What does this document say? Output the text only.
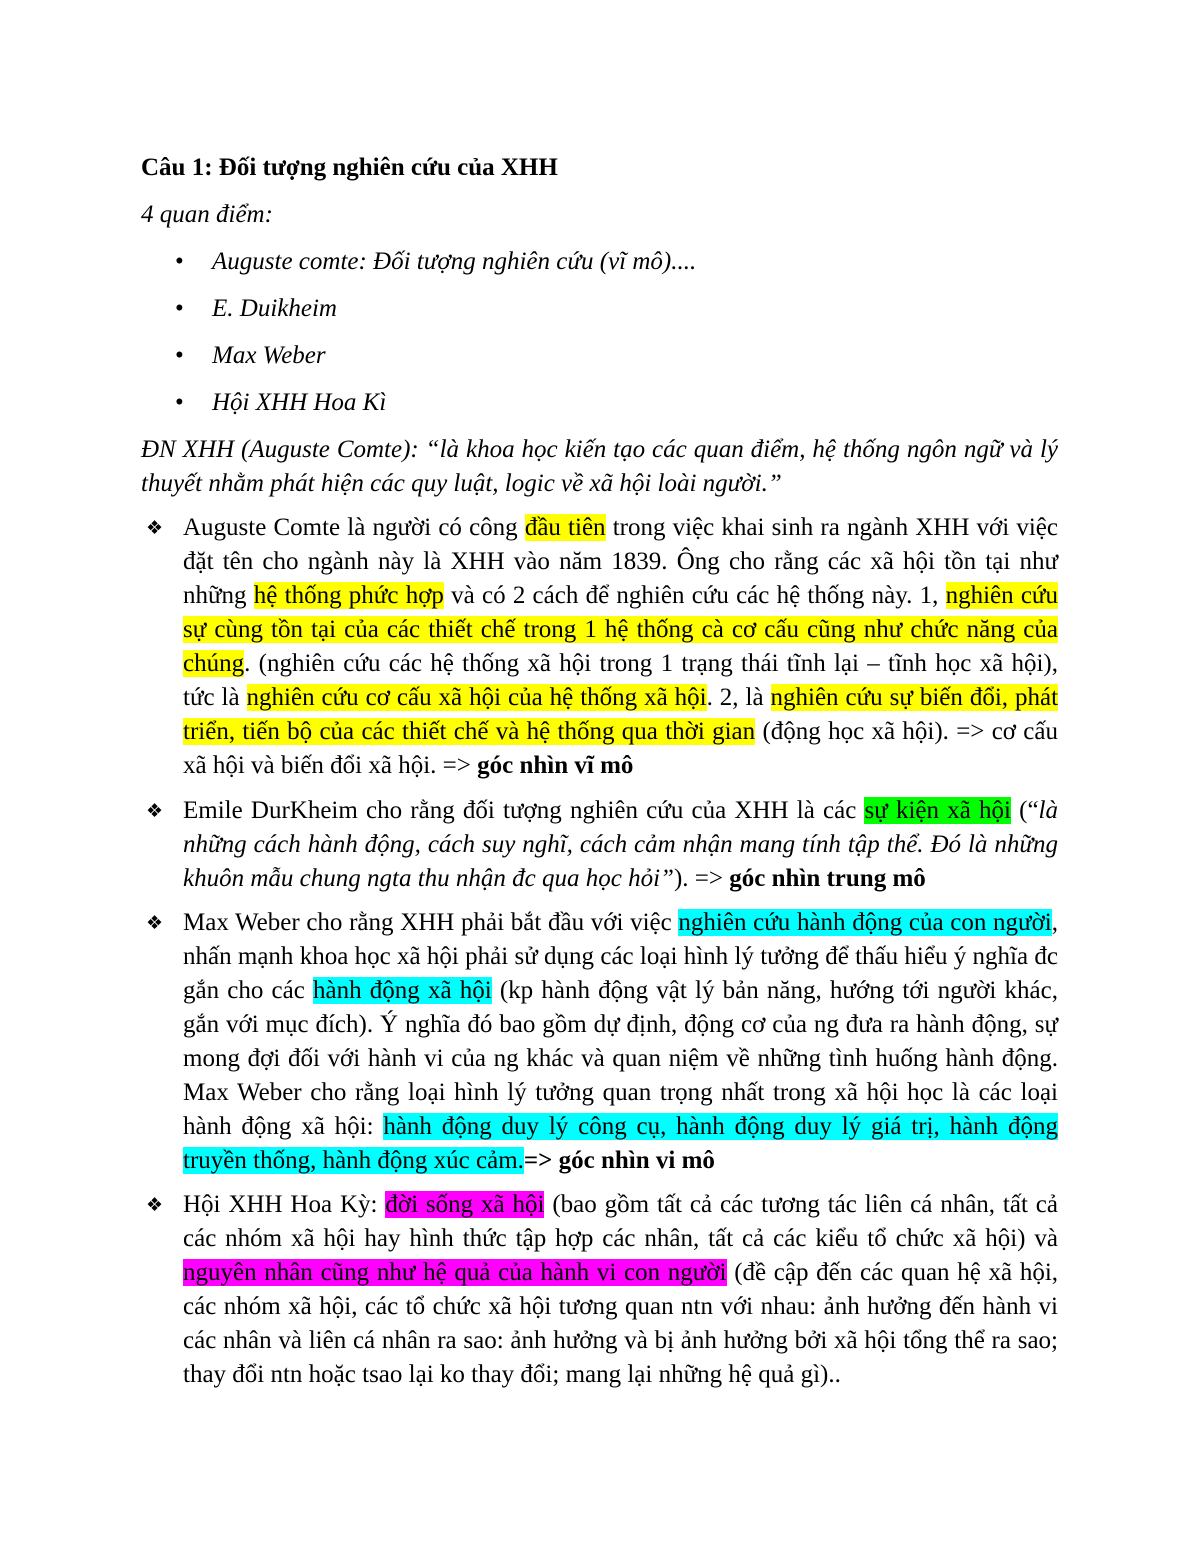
Câu 1: Đối tượng nghiên cứu của XHH

4 quan điểm:

• Auguste comte: Đối tượng nghiên cứu (vĩ mô)....
• E. Duikheim
• Max Weber
• Hội XHH Hoa Kì

ĐN XHH (Auguste Comte): “là khoa học kiến tạo các quan điểm, hệ thống ngôn ngữ và lý thuyết nhằm phát hiện các quy luật, logic về xã hội loài người.”

❖ Auguste Comte là người có công đầu tiên trong việc khai sinh ra ngành XHH với việc đặt tên cho ngành này là XHH vào năm 1839. Ông cho rằng các xã hội tồn tại như những hệ thống phức hợp và có 2 cách để nghiên cứu các hệ thống này. 1, nghiên cứu sự cùng tồn tại của các thiết chế trong 1 hệ thống cà cơ cấu cũng như chức năng của chúng. (nghiên cứu các hệ thống xã hội trong 1 trạng thái tĩnh lại – tĩnh học xã hội), tức là nghiên cứu cơ cấu xã hội của hệ thống xã hội. 2, là nghiên cứu sự biến đổi, phát triển, tiến bộ của các thiết chế và hệ thống qua thời gian (động học xã hội). => cơ cấu xã hội và biến đổi xã hội. => góc nhìn vĩ mô

❖ Emile DurKheim cho rằng đối tượng nghiên cứu của XHH là các sự kiện xã hội (“là những cách hành động, cách suy nghĩ, cách cảm nhận mang tính tập thể. Đó là những khuôn mẫu chung ngta thu nhận đc qua học hỏi”). => góc nhìn trung mô

❖ Max Weber cho rằng XHH phải bắt đầu với việc nghiên cứu hành động của con người, nhấn mạnh khoa học xã hội phải sử dụng các loại hình lý tưởng để thấu hiểu ý nghĩa đc gắn cho các hành động xã hội (kp hành động vật lý bản năng, hướng tới người khác, gắn với mục đích). Ý nghĩa đó bao gồm dự định, động cơ của ng đưa ra hành động, sự mong đợi đối với hành vi của ng khác và quan niệm về những tình huống hành động. Max Weber cho rằng loại hình lý tưởng quan trọng nhất trong xã hội học là các loại hành động xã hội: hành động duy lý công cụ, hành động duy lý giá trị, hành động truyền thống, hành động xúc cảm.=> góc nhìn vi mô

❖ Hội XHH Hoa Kỳ: đời sống xã hội (bao gồm tất cả các tương tác liên cá nhân, tất cả các nhóm xã hội hay hình thức tập hợp các nhân, tất cả các kiểu tổ chức xã hội) và nguyên nhân cũng như hệ quả của hành vi con người (đề cập đến các quan hệ xã hội, các nhóm xã hội, các tổ chức xã hội tương quan ntn với nhau: ảnh hưởng đến hành vi các nhân và liên cá nhân ra sao: ảnh hưởng và bị ảnh hưởng bởi xã hội tổng thể ra sao; thay đổi ntn hoặc tsao lại ko thay đổi; mang lại những hệ quả gì)..
